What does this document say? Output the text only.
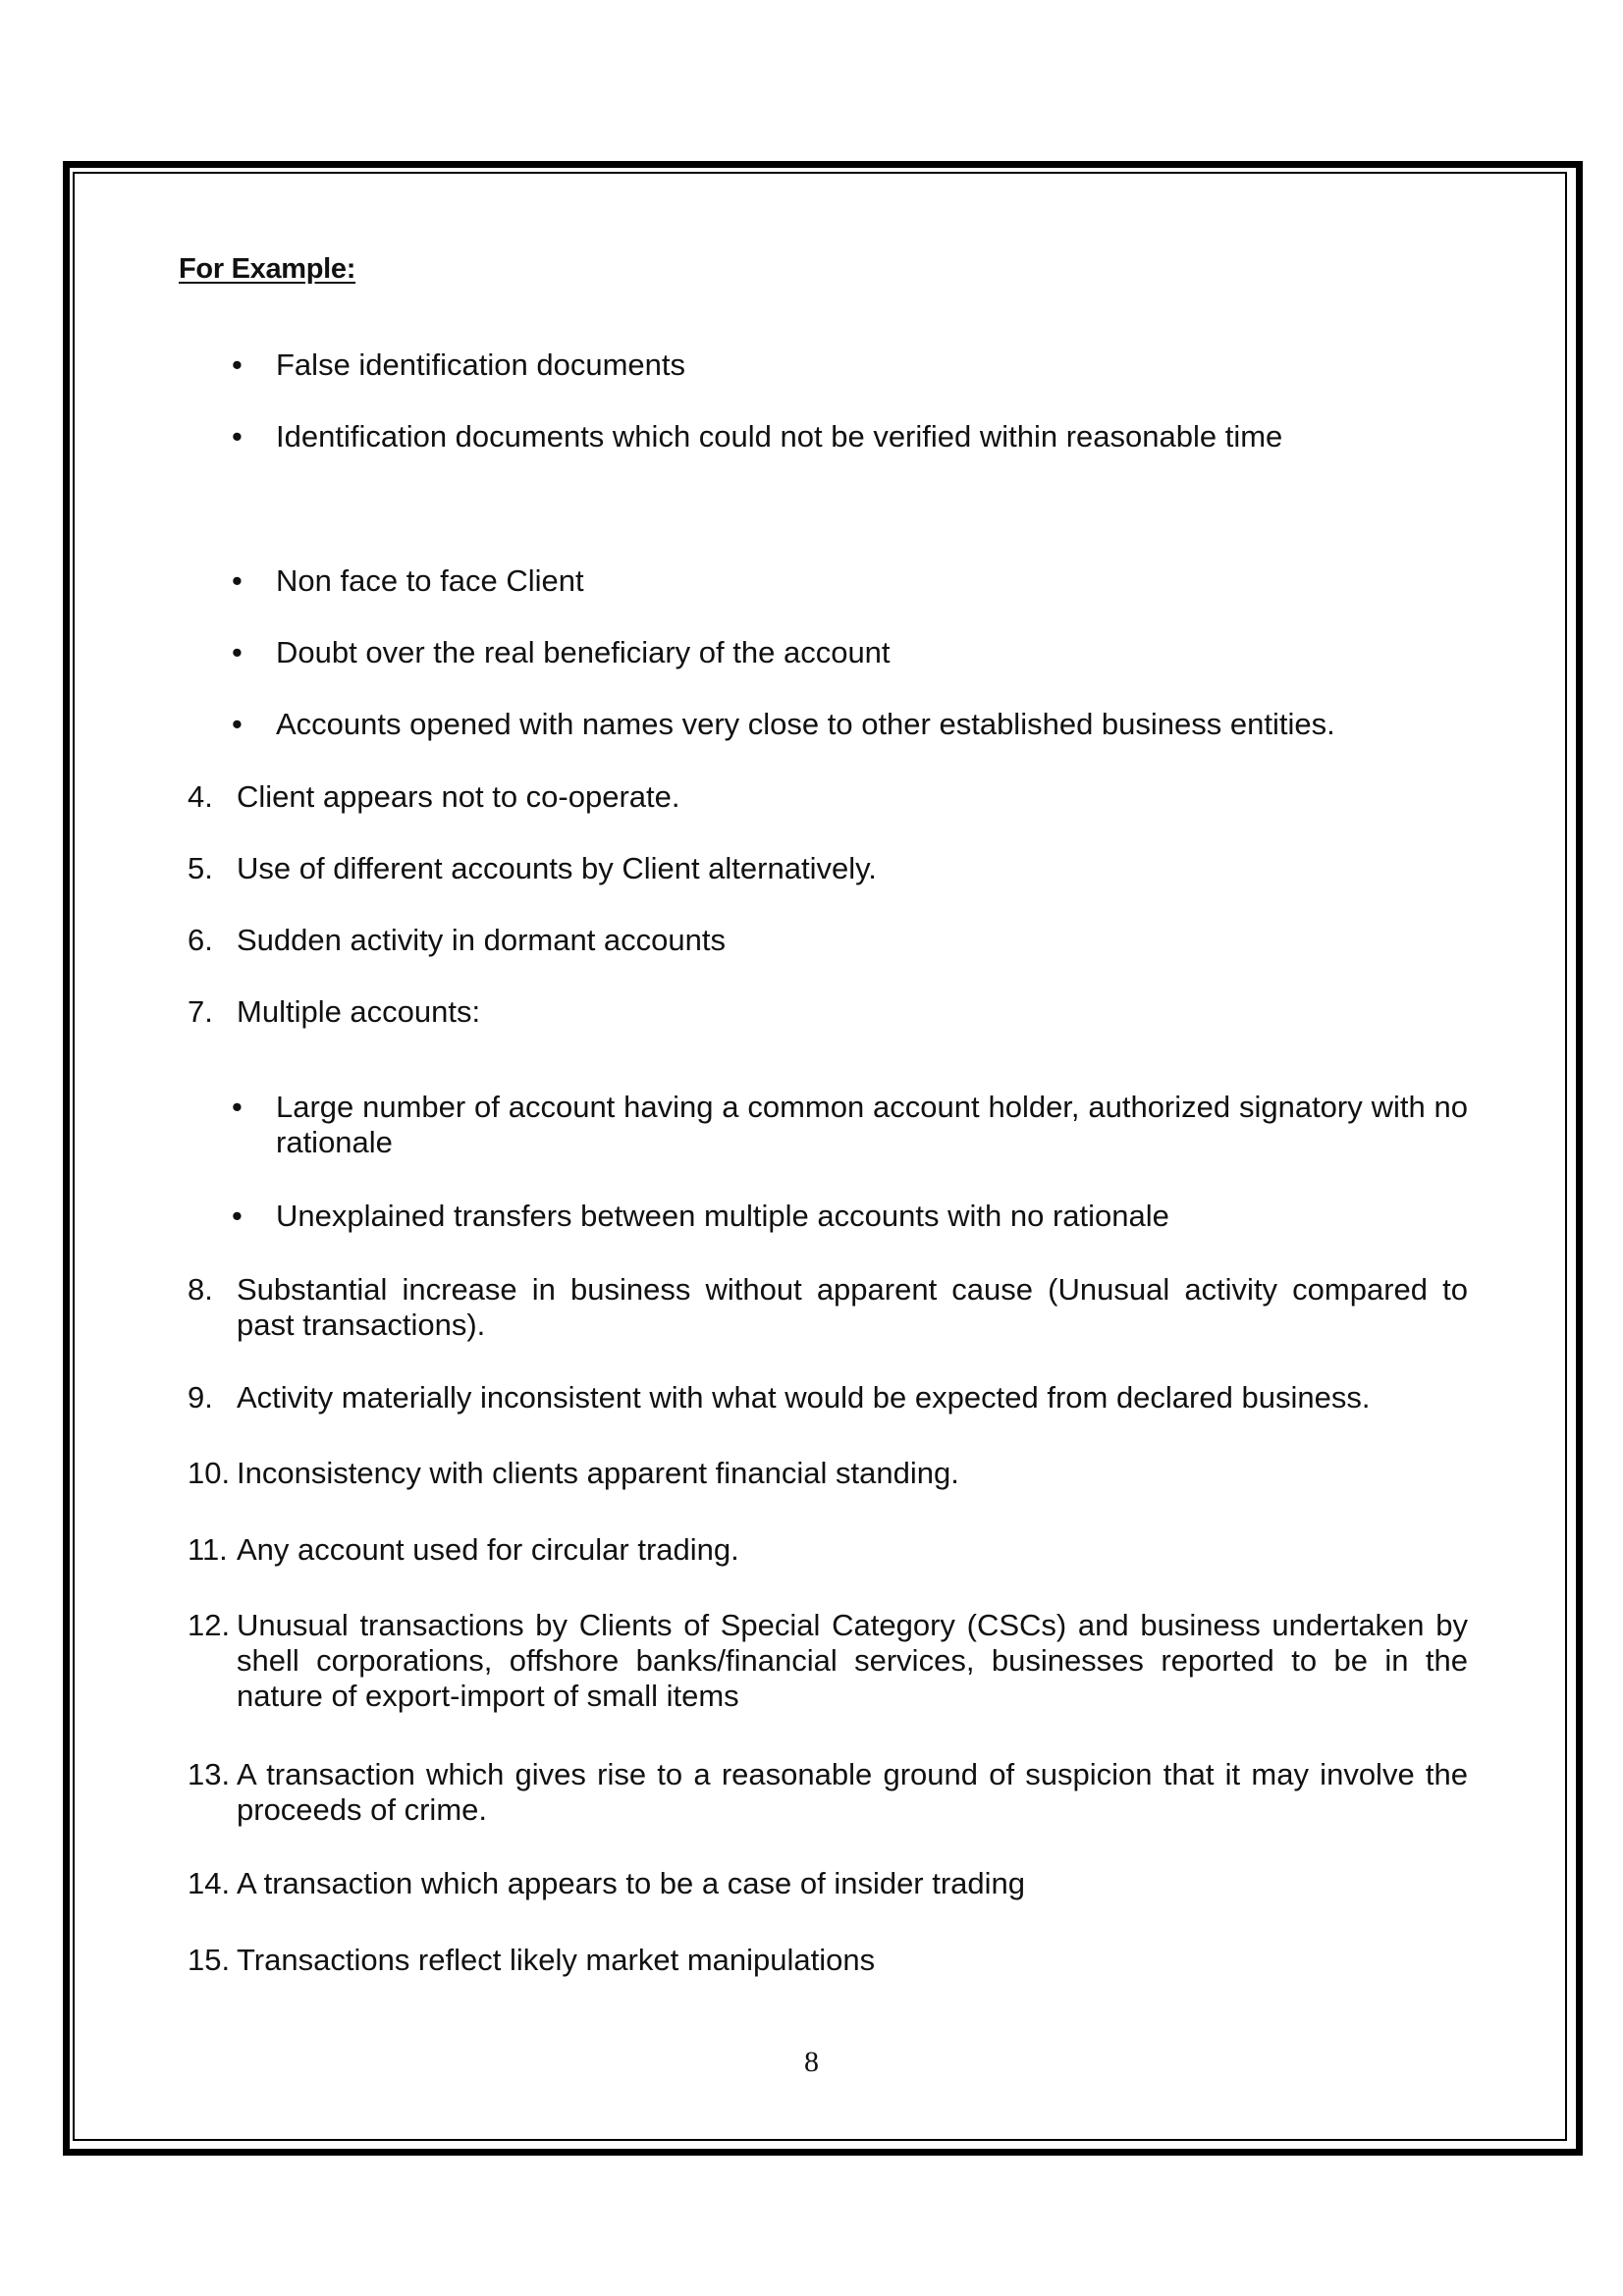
For Example:

• False identification documents

• Identification documents which could not be verified within reasonable time

• Non face to face Client

• Doubt over the real beneficiary of the account

• Accounts opened with names very close to other established business entities.

4. Client appears not to co-operate.

5. Use of different accounts by Client alternatively.

6. Sudden activity in dormant accounts

7. Multiple accounts:

• Large number of account having a common account holder, authorized signatory with no rationale

• Unexplained transfers between multiple accounts with no rationale

8. Substantial increase in business without apparent cause (Unusual activity compared to past transactions).

9. Activity materially inconsistent with what would be expected from declared business.

10. Inconsistency with clients apparent financial standing.

11. Any account used for circular trading.

12. Unusual transactions by Clients of Special Category (CSCs) and business undertaken by shell corporations, offshore banks/financial services, businesses reported to be in the nature of export-import of small items

13. A transaction which gives rise to a reasonable ground of suspicion that it may involve the proceeds of crime.

14. A transaction which appears to be a case of insider trading

15. Transactions reflect likely market manipulations

8
